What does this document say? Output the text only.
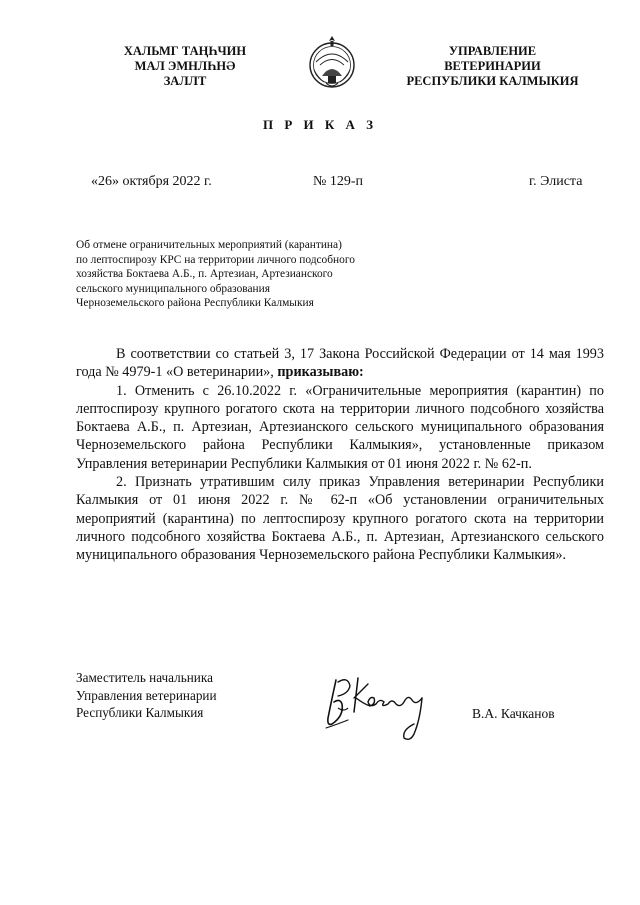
ХАЛЬМГ ТАҢҺЧИН
МАЛ ЭМНЛҺНӘ
ЗАЛЛТ
УПРАВЛЕНИЕ
ВЕТЕРИНАРИИ
РЕСПУБЛИКИ КАЛМЫКИЯ
П Р И К А З
«26» октября 2022 г.	№ 129-п	г. Элиста
Об отмене ограничительных мероприятий (карантина)
по лептоспирозу КРС на территории личного подсобного
хозяйства Боктаева А.Б., п. Артезиан, Артезианского
сельского муниципального образования
Черноземельского района Республики Калмыкия

В соответствии со статьей 3, 17 Закона Российской Федерации от 14 мая 1993 года № 4979-1 «О ветеринарии», приказываю:

1. Отменить с 26.10.2022 г. «Ограничительные мероприятия (карантин) по лептоспирозу крупного рогатого скота на территории личного подсобного хозяйства Боктаева А.Б., п. Артезиан, Артезианского сельского муниципального образования Черноземельского района Республики Калмыкия», установленные приказом Управления ветеринарии Республики Калмыкия от 01 июня 2022 г. № 62-п.

2. Признать утратившим силу приказ Управления ветеринарии Республики Калмыкия от 01 июня 2022 г. № 62-п «Об установлении ограничительных мероприятий (карантина) по лептоспирозу крупного рогатого скота на территории личного подсобного хозяйства Боктаева А.Б., п. Артезиан, Артезианского сельского муниципального образования Черноземельского района Республики Калмыкия».

Заместитель начальника
Управления ветеринарии
Республики Калмыкия	В.А. Качканов
